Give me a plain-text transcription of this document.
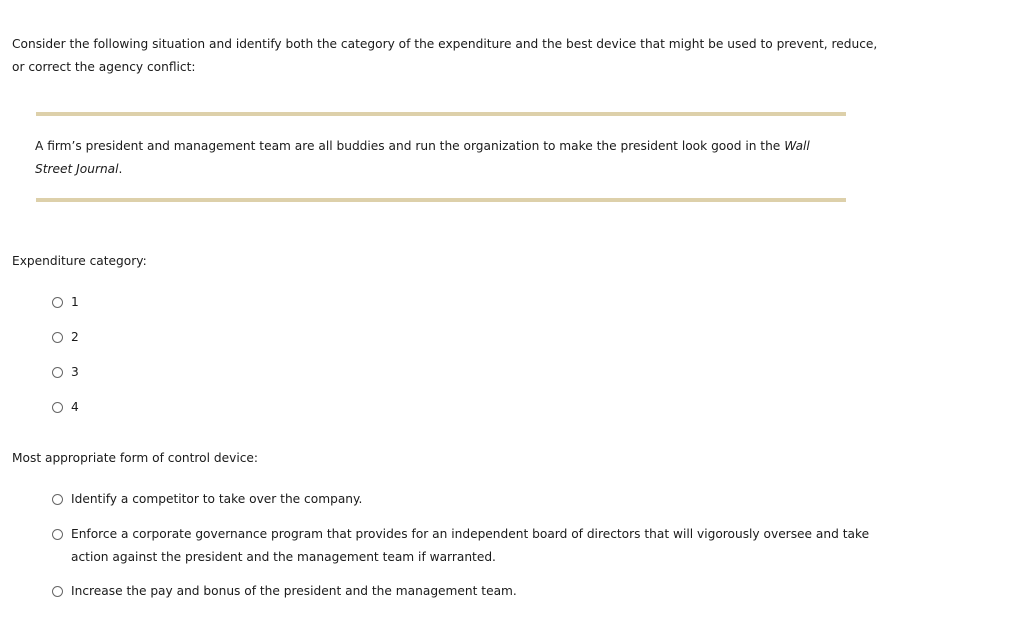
Consider the following situation and identify both the category of the expenditure and the best device that might be used to prevent, reduce, or correct the agency conflict:

A firm’s president and management team are all buddies and run the organization to make the president look good in the Wall Street Journal.

Expenditure category:

1
2
3
4

Most appropriate form of control device:

Identify a competitor to take over the company.
Enforce a corporate governance program that provides for an independent board of directors that will vigorously oversee and take action against the president and the management team if warranted.
Increase the pay and bonus of the president and the management team.
